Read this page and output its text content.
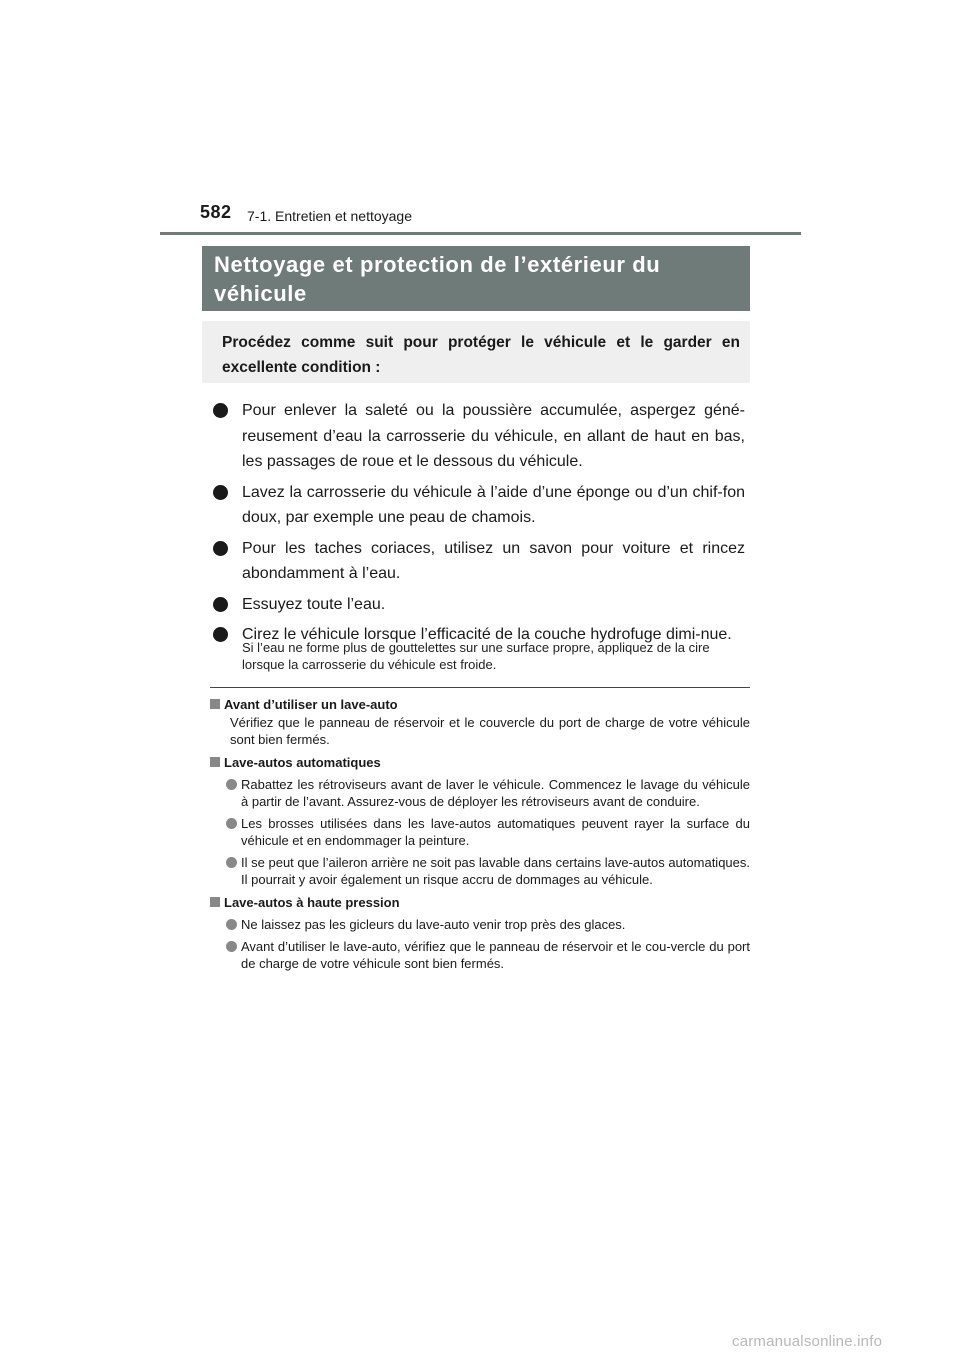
582 7-1. Entretien et nettoyage
Nettoyage et protection de l’extérieur du
véhicule
Procédez comme suit pour protéger le véhicule et le garder en excellente condition :
Pour enlever la saleté ou la poussière accumulée, aspergez géné-reusement d’eau la carrosserie du véhicule, en allant de haut en bas, les passages de roue et le dessous du véhicule.
Lavez la carrosserie du véhicule à l’aide d’une éponge ou d’un chif-fon doux, par exemple une peau de chamois.
Pour les taches coriaces, utilisez un savon pour voiture et rincez abondamment à l’eau.
Essuyez toute l’eau.
Cirez le véhicule lorsque l’efficacité de la couche hydrofuge dimi-nue.
Si l’eau ne forme plus de gouttelettes sur une surface propre, appliquez de la cire lorsque la carrosserie du véhicule est froide.
Avant d’utiliser un lave-auto
Vérifiez que le panneau de réservoir et le couvercle du port de charge de votre véhicule sont bien fermés.
Lave-autos automatiques
Rabattez les rétroviseurs avant de laver le véhicule. Commencez le lavage du véhicule à partir de l’avant. Assurez-vous de déployer les rétroviseurs avant de conduire.
Les brosses utilisées dans les lave-autos automatiques peuvent rayer la surface du véhicule et en endommager la peinture.
Il se peut que l’aileron arrière ne soit pas lavable dans certains lave-autos automatiques. Il pourrait y avoir également un risque accru de dommages au véhicule.
Lave-autos à haute pression
Ne laissez pas les gicleurs du lave-auto venir trop près des glaces.
Avant d’utiliser le lave-auto, vérifiez que le panneau de réservoir et le cou-vercle du port de charge de votre véhicule sont bien fermés.
carmanualsonline.info
